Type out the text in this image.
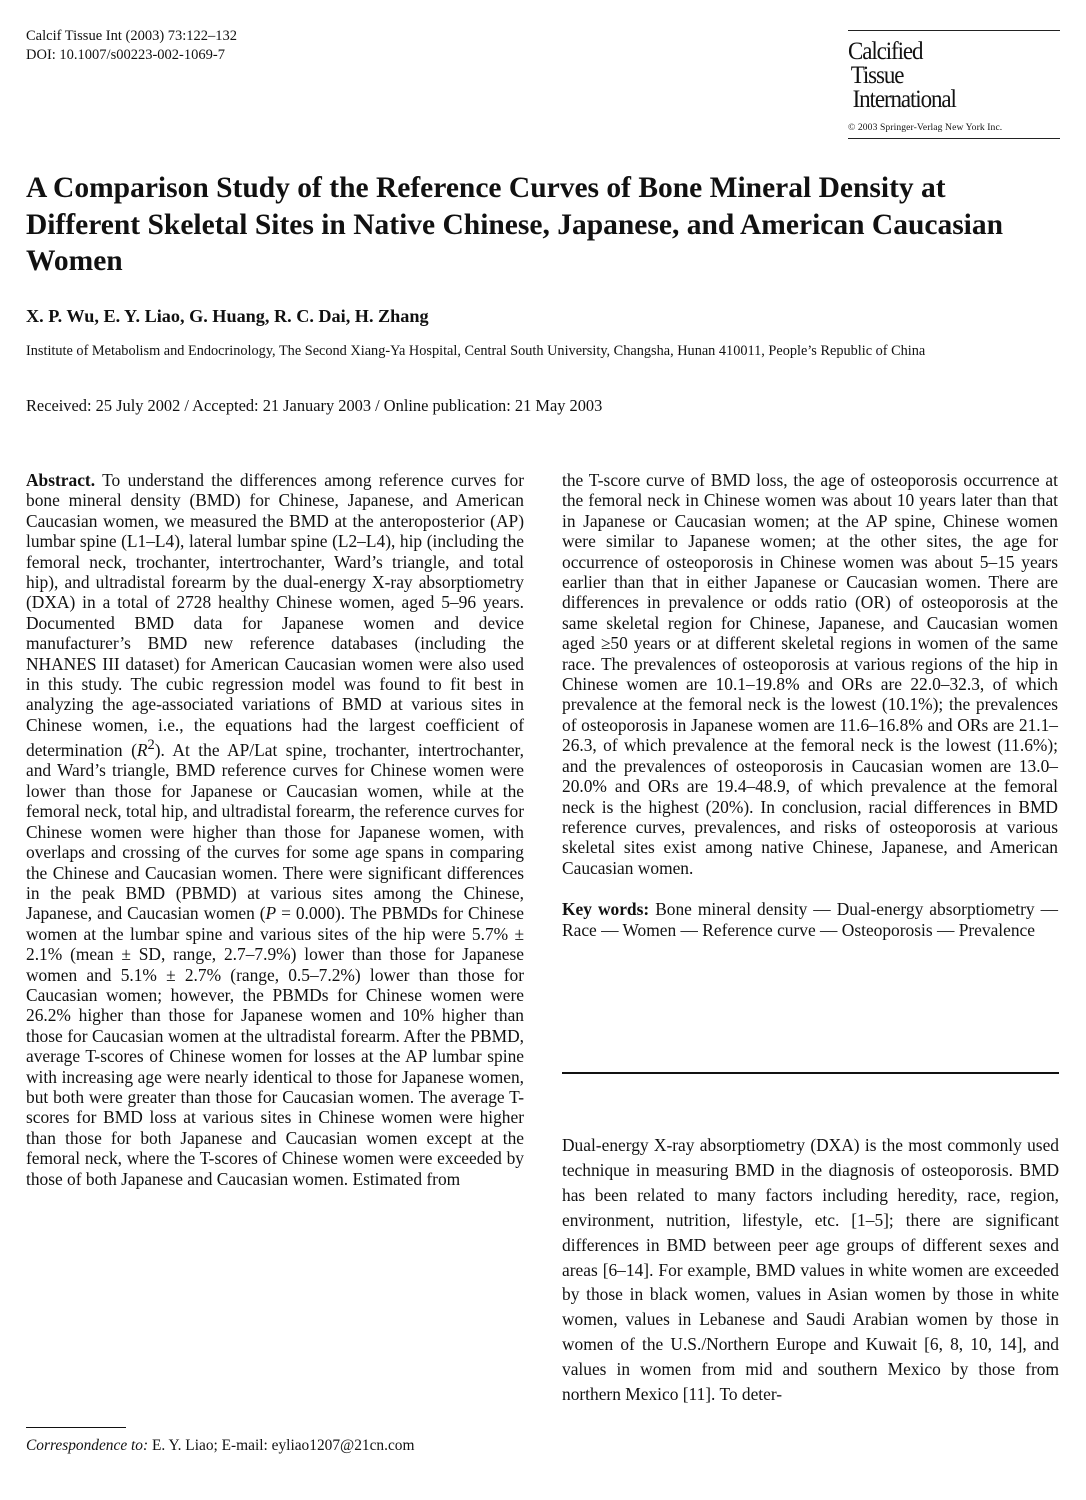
Calcif Tissue Int (2003) 73:122–132
DOI: 10.1007/s00223-002-1069-7	Calcified
Tissue
International
© 2003 Springer-Verlag New York Inc.
A Comparison Study of the Reference Curves of Bone Mineral Density at Different Skeletal Sites in Native Chinese, Japanese, and American Caucasian Women
X. P. Wu, E. Y. Liao, G. Huang, R. C. Dai, H. Zhang
Institute of Metabolism and Endocrinology, The Second Xiang-Ya Hospital, Central South University, Changsha, Hunan 410011, People’s Republic of China
Received: 25 July 2002 / Accepted: 21 January 2003 / Online publication: 21 May 2003

Abstract. To understand the differences among reference curves for bone mineral density (BMD) for Chinese, Japanese, and American Caucasian women, we measured the BMD at the anteroposterior (AP) lumbar spine (L1–L4), lateral lumbar spine (L2–L4), hip (including the femoral neck, trochanter, intertrochanter, Ward’s triangle, and total hip), and ultradistal forearm by the dual-energy X-ray absorptiometry (DXA) in a total of 2728 healthy Chinese women, aged 5–96 years. Documented BMD data for Japanese women and device manufacturer’s BMD new reference databases (including the NHANES III dataset) for American Caucasian women were also used in this study. The cubic regression model was found to fit best in analyzing the age-associated variations of BMD at various sites in Chinese women, i.e., the equations had the largest coefficient of determination $(R^2)$. At the AP/Lat spine, trochanter, intertrochanter, and Ward’s triangle, BMD reference curves for Chinese women were lower than those for Japanese or Caucasian women, while at the femoral neck, total hip, and ultradistal forearm, the reference curves for Chinese women were higher than those for Japanese women, with overlaps and crossing of the curves for some age spans in comparing the Chinese and Caucasian women. There were significant differences in the peak BMD (PBMD) at various sites among the Chinese, Japanese, and Caucasian women (P = 0.000). The PBMDs for Chinese women at the lumbar spine and various sites of the hip were 5.7% ± 2.1% (mean ± SD, range, 2.7–7.9%) lower than those for Japanese women and 5.1% ± 2.7% (range, 0.5–7.2%) lower than those for Caucasian women; however, the PBMDs for Chinese women were 26.2% higher than those for Japanese women and 10% higher than those for Caucasian women at the ultradistal forearm. After the PBMD, average T-scores of Chinese women for losses at the AP lumbar spine with increasing age were nearly identical to those for Japanese women, but both were greater than those for Caucasian women. The average T-scores for BMD loss at various sites in Chinese women were higher than those for both Japanese and Caucasian women except at the femoral neck, where the T-scores of Chinese women were exceeded by those of both Japanese and Caucasian women. Estimated from

the T-score curve of BMD loss, the age of osteoporosis occurrence at the femoral neck in Chinese women was about 10 years later than that in Japanese or Caucasian women; at the AP spine, Chinese women were similar to Japanese women; at the other sites, the age for occurrence of osteoporosis in Chinese women was about 5–15 years earlier than that in either Japanese or Caucasian women. There are differences in prevalence or odds ratio (OR) of osteoporosis at the same skeletal region for Chinese, Japanese, and Caucasian women aged ≥50 years or at different skeletal regions in women of the same race. The prevalences of osteoporosis at various regions of the hip in Chinese women are 10.1–19.8% and ORs are 22.0–32.3, of which prevalence at the femoral neck is the lowest (10.1%); the prevalences of osteoporosis in Japanese women are 11.6–16.8% and ORs are 21.1–26.3, of which prevalence at the femoral neck is the lowest (11.6%); and the prevalences of osteoporosis in Caucasian women are 13.0–20.0% and ORs are 19.4–48.9, of which prevalence at the femoral neck is the highest (20%). In conclusion, racial differences in BMD reference curves, prevalences, and risks of osteoporosis at various skeletal sites exist among native Chinese, Japanese, and American Caucasian women.

Key words: Bone mineral density — Dual-energy absorptiometry — Race — Women — Reference curve — Osteoporosis — Prevalence

Dual-energy X-ray absorptiometry (DXA) is the most commonly used technique in measuring BMD in the diagnosis of osteoporosis. BMD has been related to many factors including heredity, race, region, environment, nutrition, lifestyle, etc. [1–5]; there are significant differences in BMD between peer age groups of different sexes and areas [6–14]. For example, BMD values in white women are exceeded by those in black women, values in Asian women by those in white women, values in Lebanese and Saudi Arabian women by those in women of the U.S./Northern Europe and Kuwait [6, 8, 10, 14], and values in women from mid and southern Mexico by those from northern Mexico [11]. To deter-

Correspondence to: E. Y. Liao; E-mail: eyliao1207@21cn.com
